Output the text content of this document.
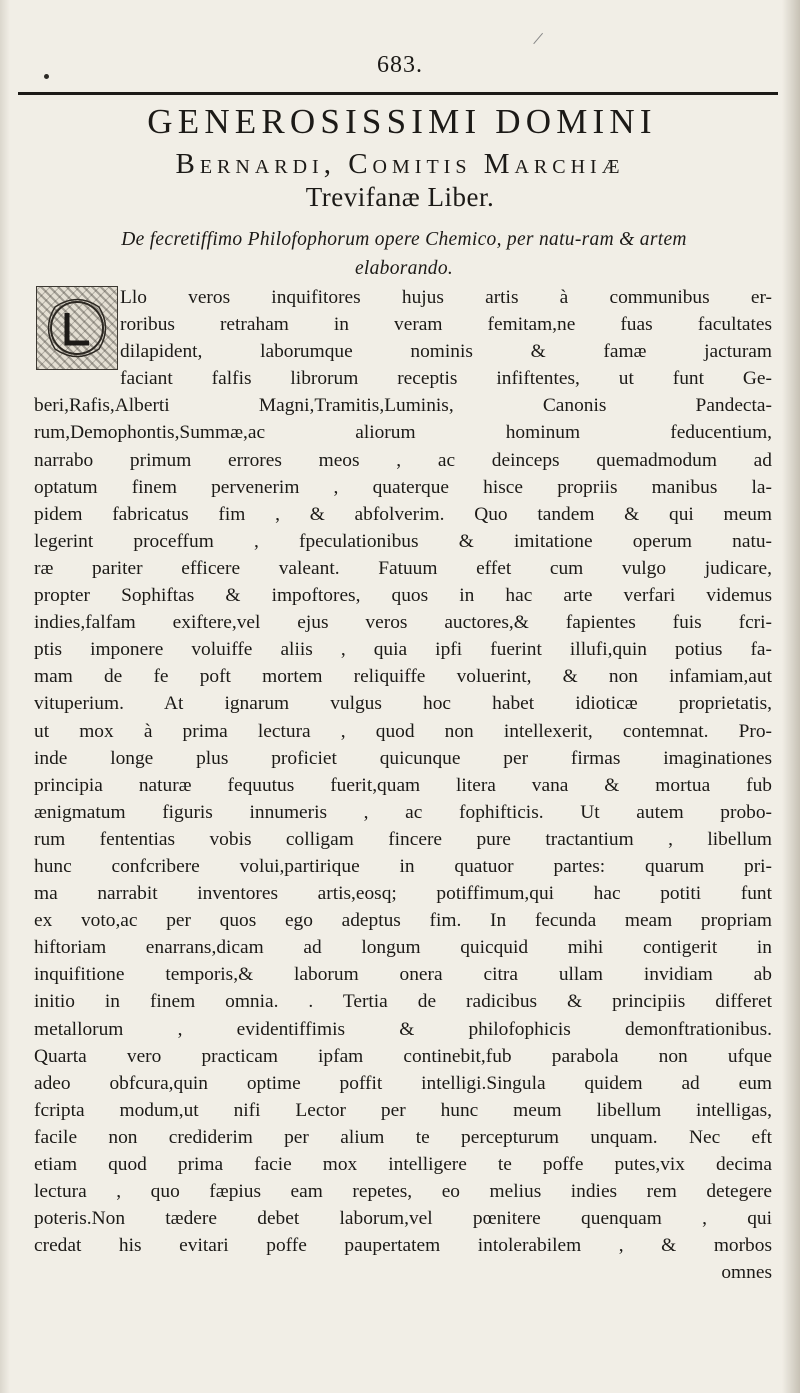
683.
GENEROSISSIMI DOMINI
Bernardi, Comitis Marchiæ
Trevifanæ Liber.
De fecretiffimo Philofophorum opere Chemico, per natu-ram & artem elaborando.
Llo veros inquifitores hujus artis à communibus er-
roribus retraham in veram femitam,ne fuas facultates
dilapident, laborumque nominis & famæ jacturam
faciant falfis librorum receptis infiftentes, ut funt Ge-
beri,Rafis,Alberti Magni,Tramitis,Luminis, Canonis Pandecta-
rum,Demophontis,Summæ,ac aliorum hominum feducentium,
narrabo primum errores meos , ac deinceps quemadmodum ad
optatum finem pervenerim , quaterque hisce propriis manibus la-
pidem fabricatus fim , & abfolverim. Quo tandem & qui meum
legerint proceffum , fpeculationibus & imitatione operum natu-
ræ pariter efficere valeant. Fatuum effet cum vulgo judicare,
propter Sophiftas & impoftores, quos in hac arte verfari videmus
indies,falfam exiftere,vel ejus veros auctores,& fapientes fuis fcri-
ptis imponere voluiffe aliis , quia ipfi fuerint illufi,quin potius fa-
mam de fe poft mortem reliquiffe voluerint, & non infamiam,aut
vituperium. At ignarum vulgus hoc habet idioticæ proprietatis,
ut mox à prima lectura , quod non intellexerit, contemnat. Pro-
inde longe plus proficiet quicunque per firmas imaginationes
principia naturæ fequutus fuerit,quam litera vana & mortua fub
ænigmatum figuris innumeris , ac fophifticis. Ut autem probo-
rum fententias vobis colligam fincere pure tractantium , libellum
hunc confcribere volui,partirique in quatuor partes: quarum pri-
ma narrabit inventores artis,eosq; potiffimum,qui hac potiti funt
ex voto,ac per quos ego adeptus fim. In fecunda meam propriam
hiftoriam enarrans,dicam ad longum quicquid mihi contigerit in
inquifitione temporis,& laborum onera citra ullam invidiam ab
initio in finem omnia. . Tertia de radicibus & principiis differet
metallorum , evidentiffimis & philofophicis demonftrationibus.
Quarta vero practicam ipfam continebit,fub parabola non ufque
adeo obfcura,quin optime poffit intelligi.Singula quidem ad eum
fcripta modum,ut nifi Lector per hunc meum libellum intelligas,
facile non crediderim per alium te percepturum unquam. Nec eft
etiam quod prima facie mox intelligere te poffe putes,vix decima
lectura , quo fæpius eam repetes, eo melius indies rem detegere
poteris.Non tædere debet laborum,vel pœnitere quenquam , qui
credat his evitari poffe paupertatem intolerabilem , & morbos
omnes
